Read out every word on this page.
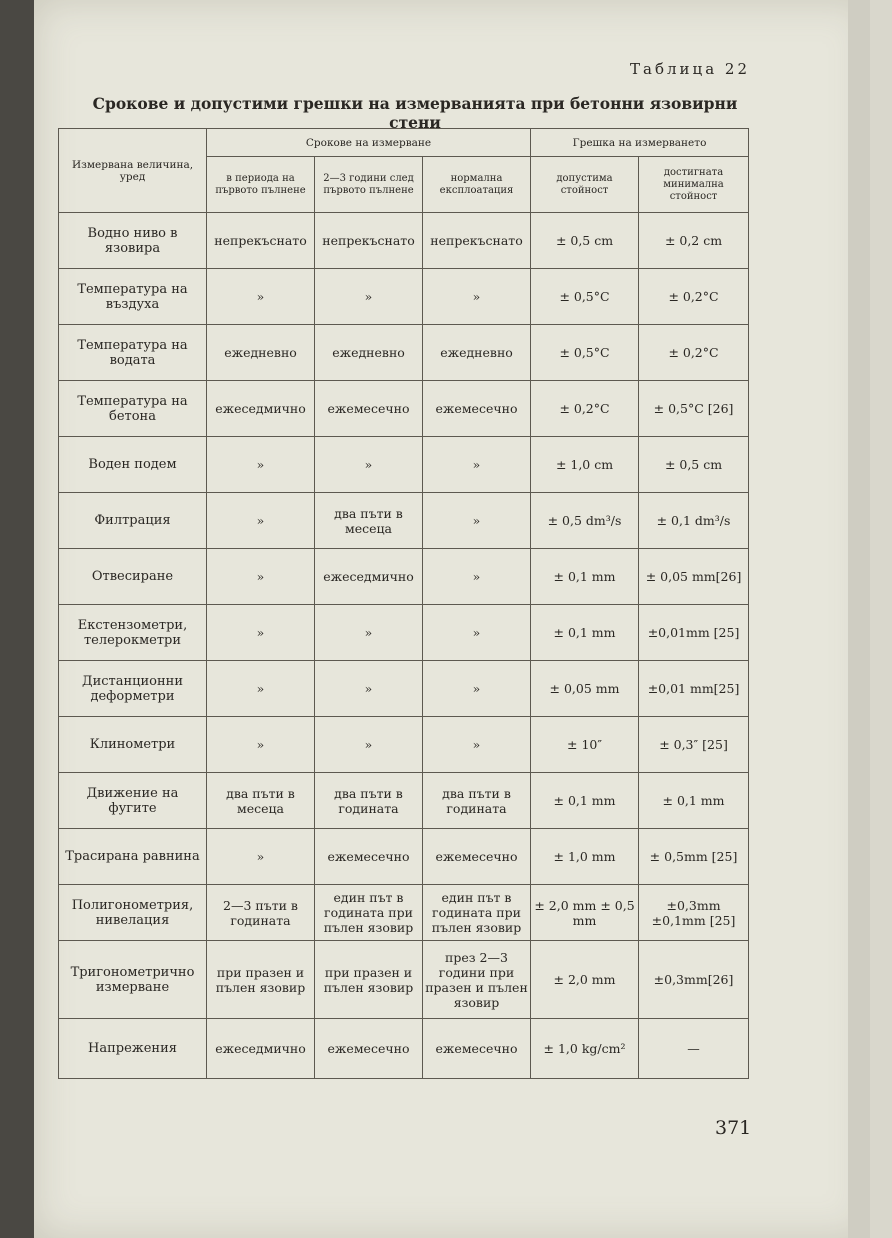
Таблица 22
Срокове и допустими грешки на измерванията при бетонни язовирни стени
Измервана величина, уред	Срокове на измерване			Грешка на измерването	
	в периода на първото пълнене	2—3 години след първото пълнене	нормална експлоатация	допустима стойност	достигната минимална стойност
Водно ниво в язовира	непрекъснато	непрекъснато	непрекъснато	± 0,5 cm	± 0,2 cm
Температура на въздуха	»	»	»	± 0,5°C	± 0,2°C
Температура на водата	ежедневно	ежедневно	ежедневно	± 0,5°C	± 0,2°C
Температура на бетона	ежеседмично	ежемесечно	ежемесечно	± 0,2°C	± 0,5°C [26]
Воден подем	»	»	»	± 1,0 cm	± 0,5 cm
Филтрация	»	два пъти в месеца	»	± 0,5 dm³/s	± 0,1 dm³/s
Отвесиране	»	ежеседмично	»	± 0,1 mm	± 0,05 mm[26]
Екстензометри, телерокметри	»	»	»	± 0,1 mm	±0,01mm [25]
Дистанционни деформетри	»	»	»	± 0,05 mm	±0,01 mm[25]
Клинометри	»	»	»	± 10″	± 0,3″ [25]
Движение на фугите	два пъти в месеца	два пъти в годината	два пъти в годината	± 0,1 mm	± 0,1 mm
Трасирана равнина	»	ежемесечно	ежемесечно	± 1,0 mm	± 0,5mm [25]
Полигонометрия, нивелация	2—3 пъти в годината	един път в годината при пълен язовир	един път в годината при пълен язовир	± 2,0 mm ± 0,5 mm	±0,3mm ±0,1mm [25]
Тригонометрично измерване	при празен и пълен язовир	при празен и пълен язовир	през 2—3 години при празен и пълен язовир	± 2,0 mm	±0,3mm[26]
Напрежения	ежеседмично	ежемесечно	ежемесечно	± 1,0 kg/cm²	—
371
